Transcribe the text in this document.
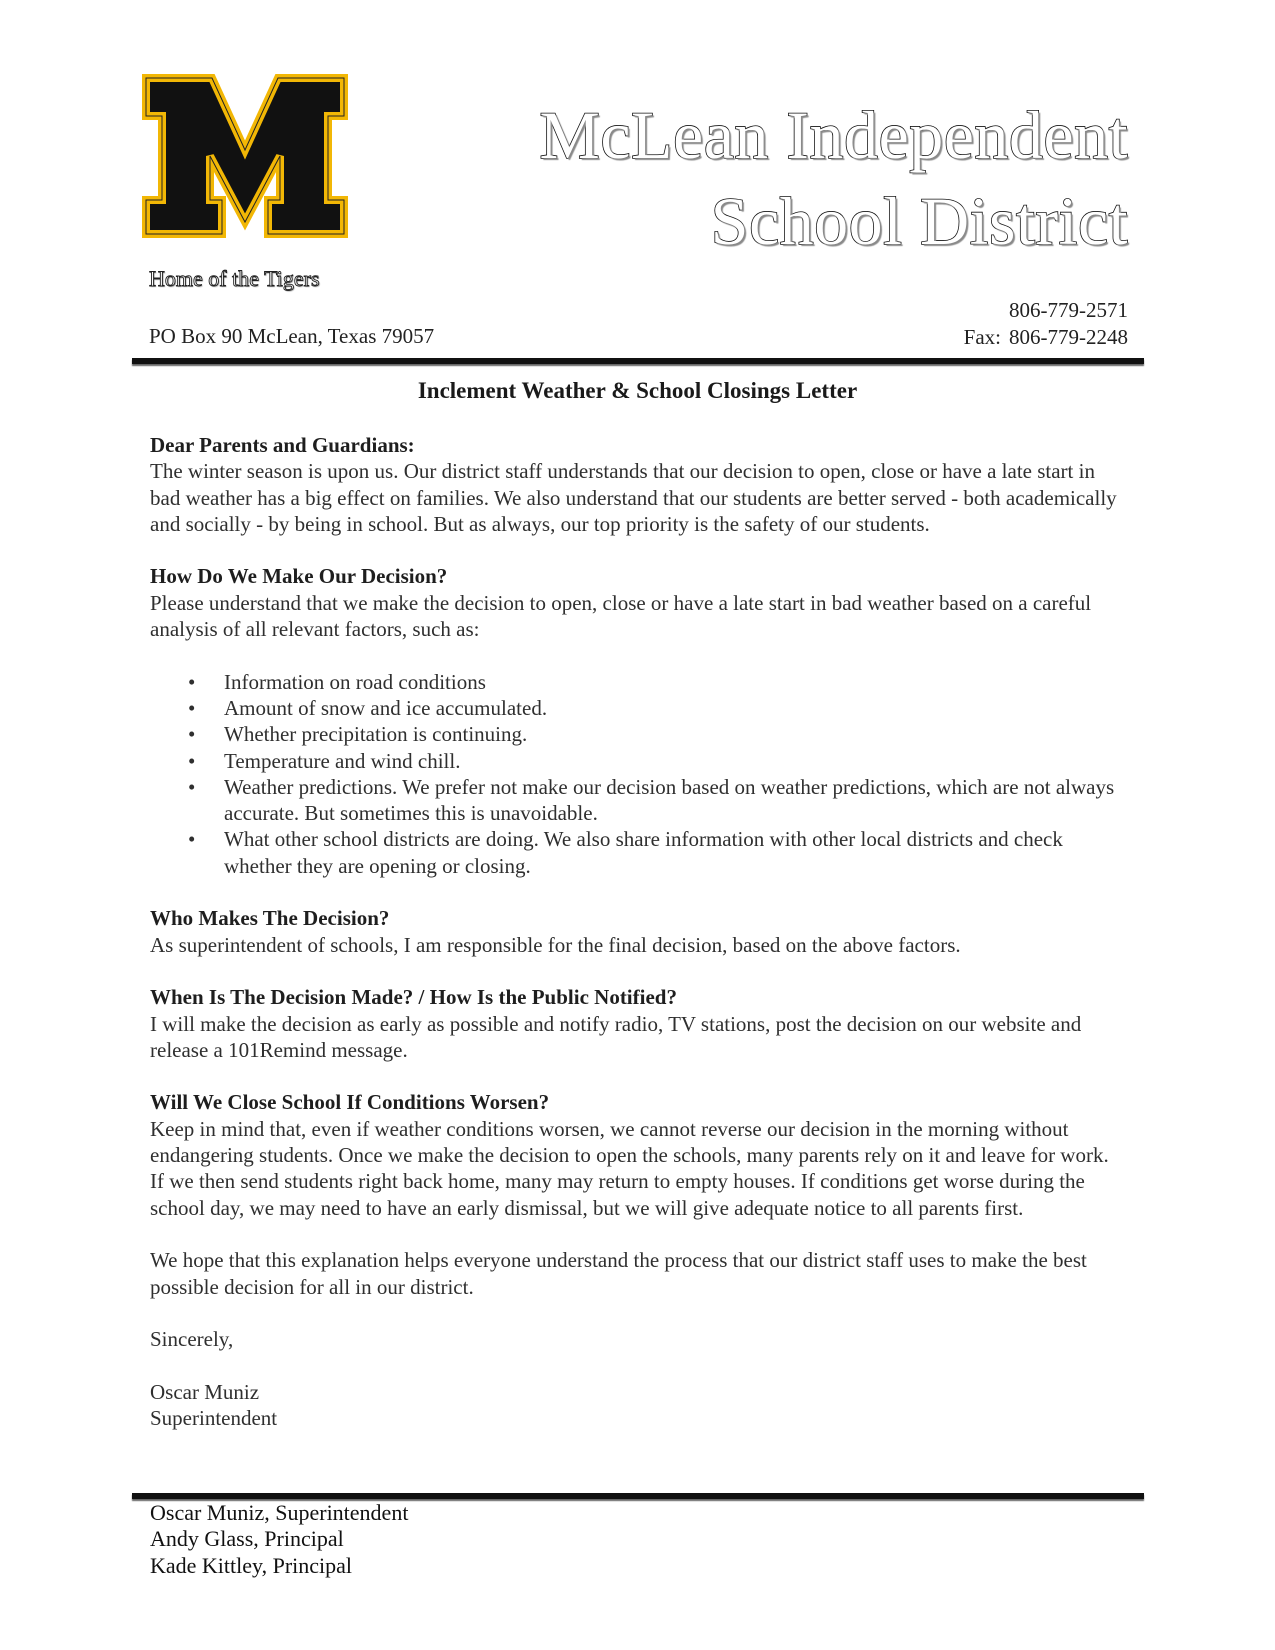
McLean Independent
School District
Home of the Tigers
PO Box 90 McLean, Texas 79057
806-779-2571
Fax: 806-779-2248
Inclement Weather & School Closings Letter

Dear Parents and Guardians:
The winter season is upon us. Our district staff understands that our decision to open, close or have a late start in bad weather has a big effect on families. We also understand that our students are better served - both academically and socially - by being in school. But as always, our top priority is the safety of our students.

How Do We Make Our Decision?
Please understand that we make the decision to open, close or have a late start in bad weather based on a careful analysis of all relevant factors, such as:

• Information on road conditions
• Amount of snow and ice accumulated.
• Whether precipitation is continuing.
• Temperature and wind chill.
• Weather predictions. We prefer not make our decision based on weather predictions, which are not always accurate. But sometimes this is unavoidable.
• What other school districts are doing. We also share information with other local districts and check whether they are opening or closing.

Who Makes The Decision?
As superintendent of schools, I am responsible for the final decision, based on the above factors.

When Is The Decision Made? / How Is the Public Notified?
I will make the decision as early as possible and notify radio, TV stations, post the decision on our website and release a 101Remind message.

Will We Close School If Conditions Worsen?
Keep in mind that, even if weather conditions worsen, we cannot reverse our decision in the morning without endangering students. Once we make the decision to open the schools, many parents rely on it and leave for work. If we then send students right back home, many may return to empty houses. If conditions get worse during the school day, we may need to have an early dismissal, but we will give adequate notice to all parents first.

We hope that this explanation helps everyone understand the process that our district staff uses to make the best possible decision for all in our district.

Sincerely,

Oscar Muniz
Superintendent
Oscar Muniz, Superintendent
Andy Glass, Principal
Kade Kittley, Principal
